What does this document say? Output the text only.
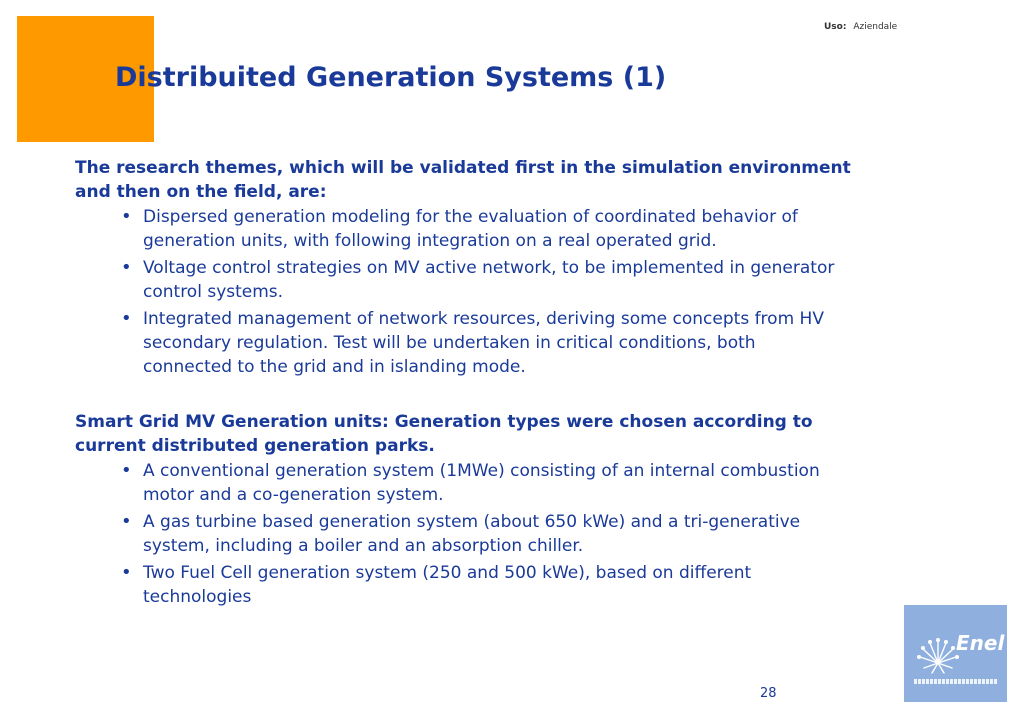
Uso: Aziendale
Distribuited Generation Systems (1)

The research themes, which will be validated first in the simulation environment and then on the field, are:

• Dispersed generation modeling for the evaluation of coordinated behavior of generation units, with following integration on a real operated grid.
• Voltage control strategies on MV active network, to be implemented in generator control systems.
• Integrated management of network resources, deriving some concepts from HV secondary regulation. Test will be undertaken in critical conditions, both connected to the grid and in islanding mode.

Smart Grid MV Generation units: Generation types were chosen according to current distributed generation parks.

• A conventional generation system (1MWe) consisting of an internal combustion motor and a co-generation system.
• A gas turbine based generation system (about 650 kWe) and a tri-generative system, including a boiler and an absorption chiller.
• Two Fuel Cell generation system (250 and 500 kWe), based on different technologies
28
Enel
